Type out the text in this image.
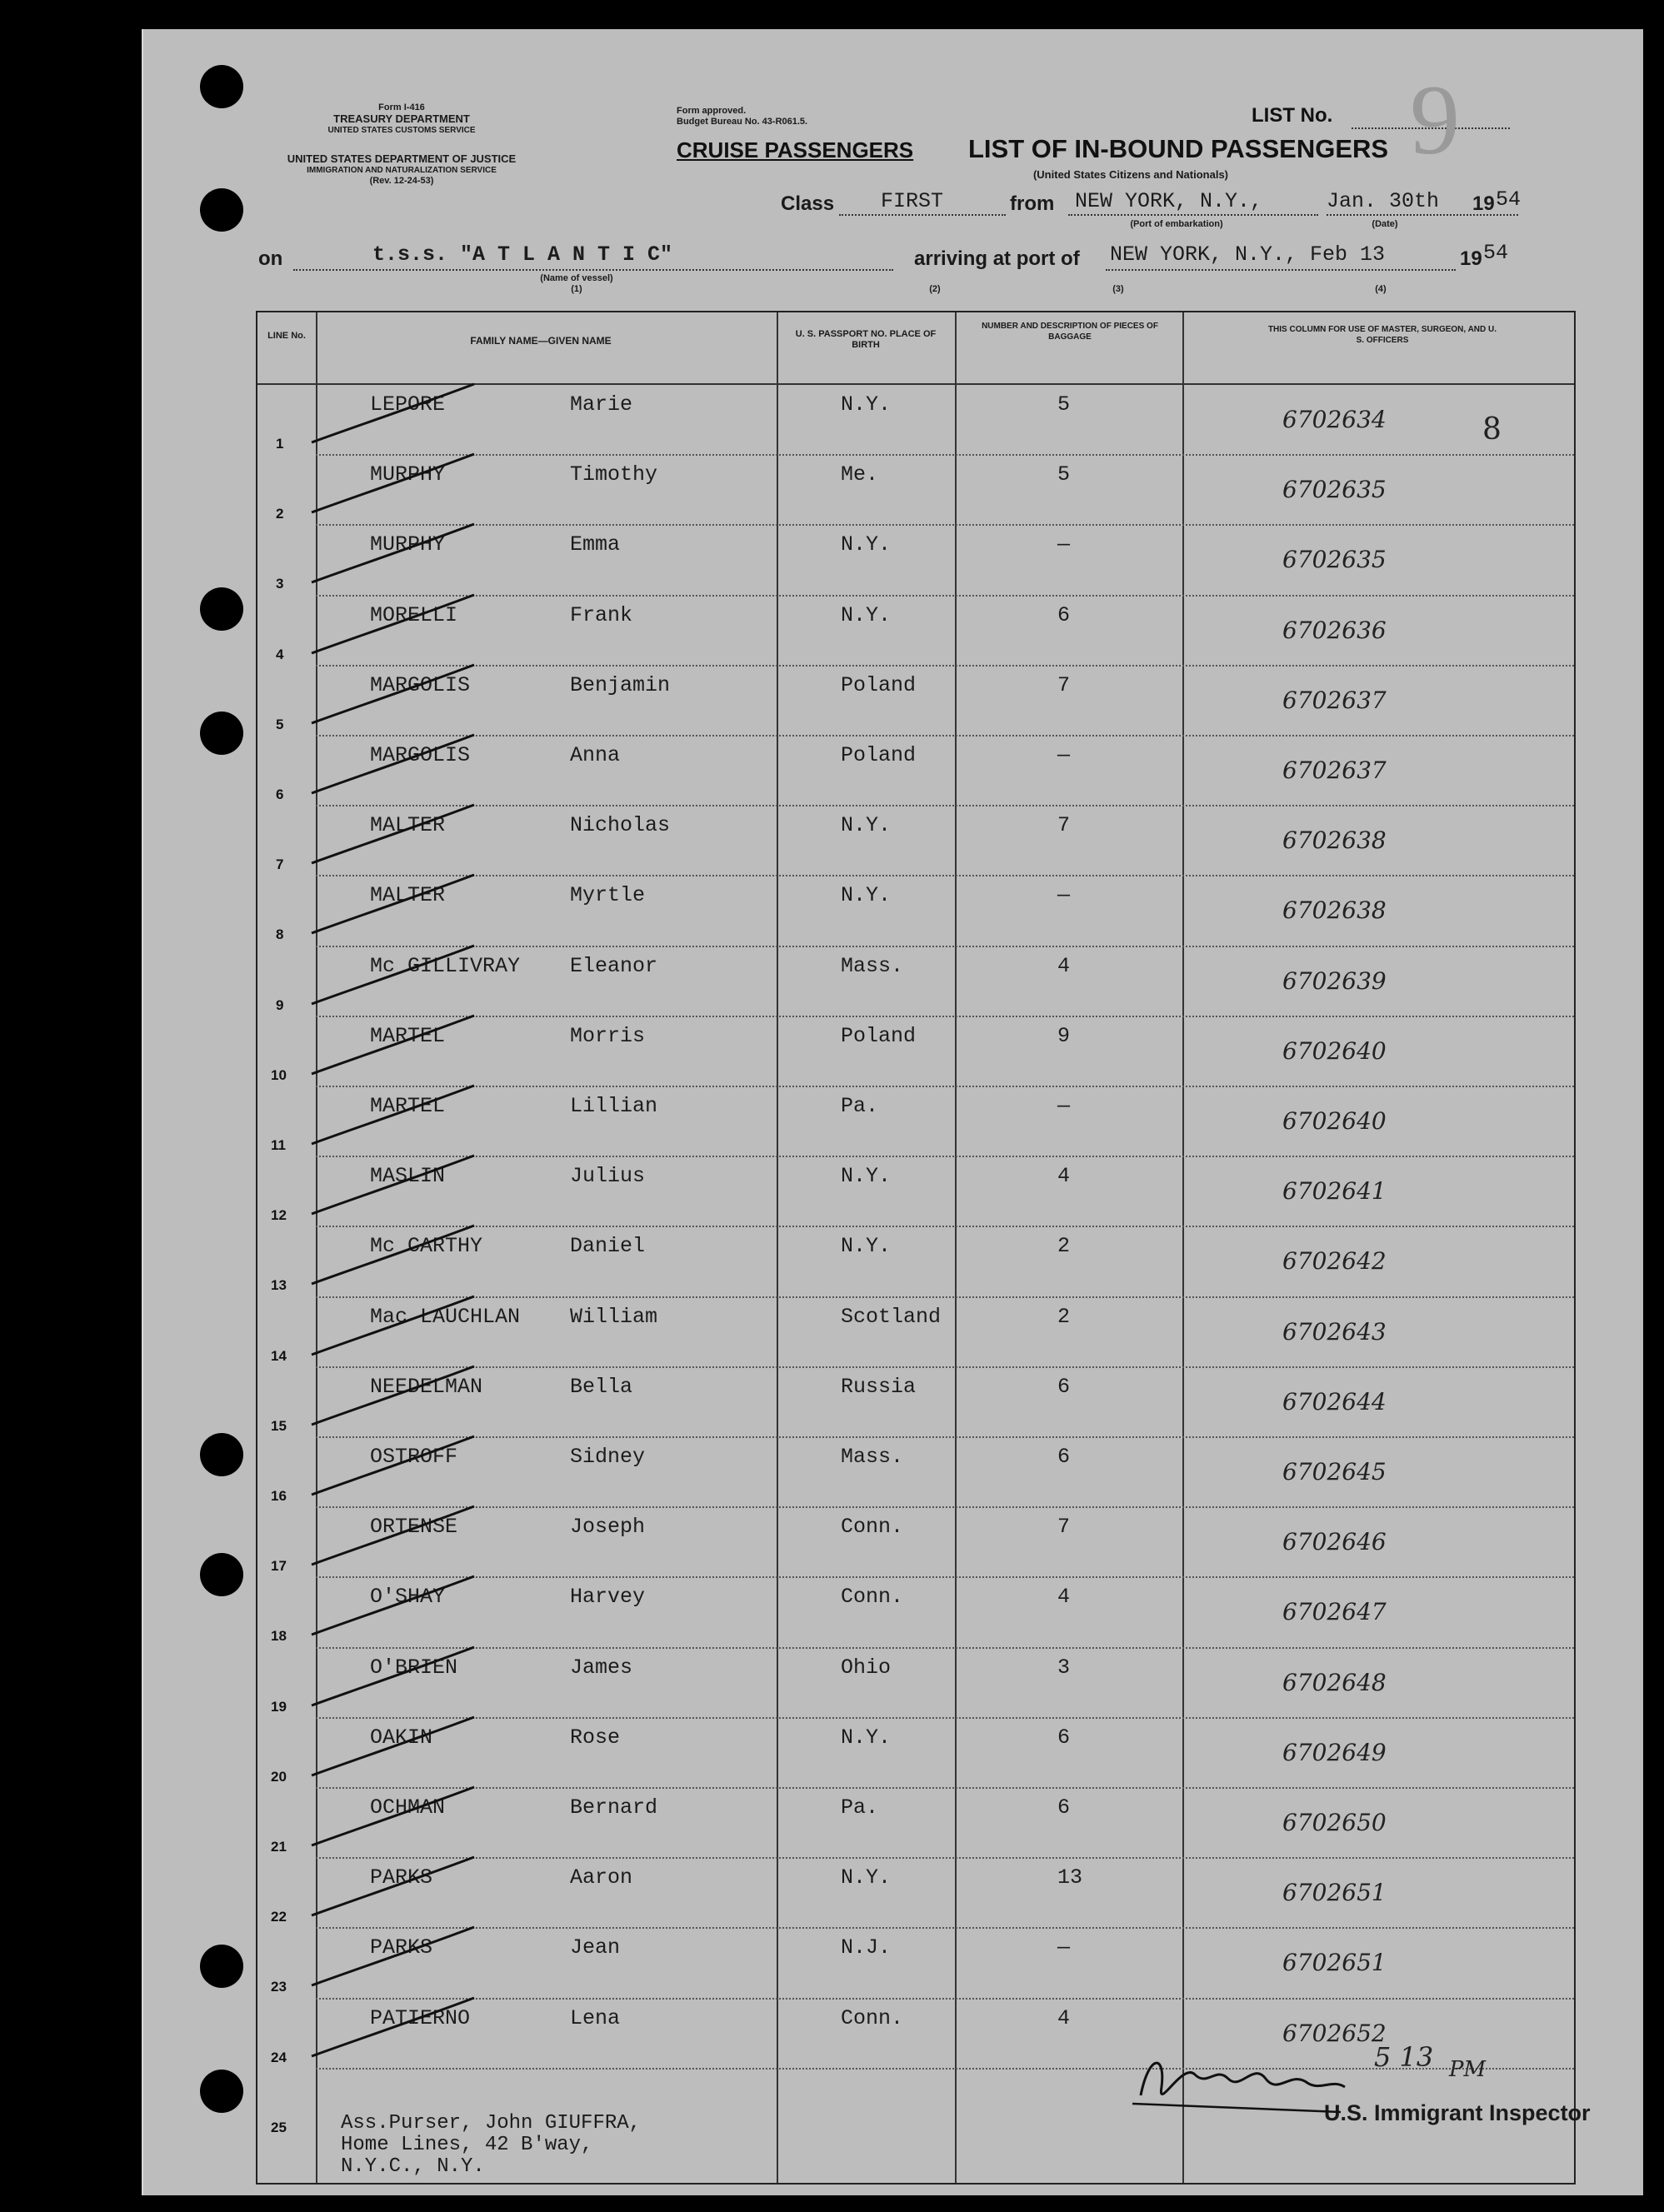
Form I-416
TREASURY DEPARTMENT
UNITED STATES CUSTOMS SERVICE
UNITED STATES DEPARTMENT OF JUSTICE
IMMIGRATION AND NATURALIZATION SERVICE
(Rev. 12-24-53)
Form approved.
Budget Bureau No. 43-R061.5.
CRUISE PASSENGERS LIST OF IN-BOUND PASSENGERS
(United States Citizens and Nationals)
LIST No. 9
Class FIRST	from NEW YORK, N.Y.,
(Port of embarkation)
Jan. 30th
(Date)
19 54
on	t.s.s. "A T L A N T I C"
(Name of vessel)
(1)
arriving at port of NEW YORK, N.Y., Feb 13	19 54
(2)	(3)	(4)
LINE No.	FAMILY NAME—GIVEN NAME
U. S. PASSPORT NO. PLACE OF BIRTH
NUMBER AND DESCRIPTION OF PIECES OF BAGGAGE
THIS COLUMN FOR USE OF MASTER, SURGEON, AND U. S. OFFICERS
1
LEPORE	Marie	N.Y.	5
6702634
2
MURPHY	Timothy	Me.	5
6702635
3
MURPHY	Emma	N.Y.	—
6702635
4
MORELLI	Frank	N.Y.	6
6702636
5
MARGOLIS	Benjamin	Poland	7
6702637
6
MARGOLIS	Anna	Poland	—
6702637
7
MALTER	Nicholas	N.Y.	7
6702638
8
MALTER	Myrtle	N.Y.	—
6702638
9
Mc GILLIVRAY Eleanor	Mass.	4
6702639
10
MARTEL	Morris	Poland	9
6702640
11
MARTEL	Lillian	Pa.	—
6702640
12
MASLIN	Julius	N.Y.	4
6702641
13
Mc CARTHY	Daniel	N.Y.	2
6702642
14
Mac LAUCHLAN William	Scotland	2
6702643
15
NEEDELMAN	Bella	Russia	6
6702644
16
OSTROFF	Sidney	Mass.	6
6702645
17
ORTENSE	Joseph	Conn.	7
6702646
18
O'SHAY	Harvey	Conn.	4
6702647
19
O'BRIEN	James	Ohio	3
6702648
20
OAKIN	Rose	N.Y.	6
6702649
21
OCHMAN	Bernard	Pa.	6
6702650
22
PARKS	Aaron	N.Y.	13
6702651
23
PARKS	Jean	N.J.	—
6702651
24
PATIERNO	Lena	Conn.	4
6702652
25
8
Ass.Purser, John GIUFFRA,
Home Lines, 42 B'way,
N.Y.C., N.Y.
U.S. Immigrant Inspector
5 13 PM
